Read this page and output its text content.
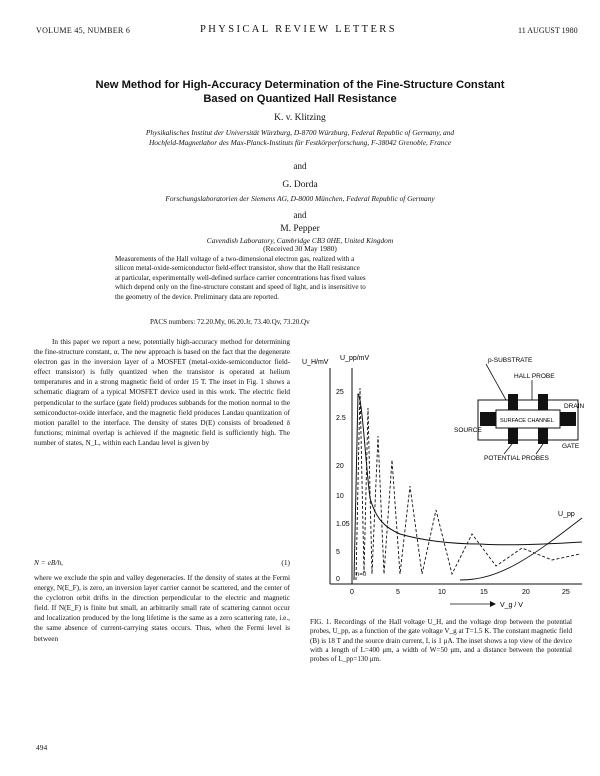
VOLUME 45, NUMBER 6	PHYSICAL REVIEW LETTERS	11 AUGUST 1980
New Method for High-Accuracy Determination of the Fine-Structure Constant
Based on Quantized Hall Resistance
K. v. Klitzing
Physikalisches Institut der Universität Würzburg, D-8700 Würzburg, Federal Republic of Germany, and
Hochfeld-Magnetlabor des Max-Planck-Instituts für Festkörperforschung, F-38042 Grenoble, France
and
G. Dorda
Forschungslaboratorien der Siemens AG, D-8000 München, Federal Republic of Germany
and
M. Pepper
Cavendish Laboratory, Cambridge CB3 0HE, United Kingdom
(Received 30 May 1980)
Measurements of the Hall voltage of a two-dimensional electron gas, realized with a
silicon metal-oxide-semiconductor field-effect transistor, show that the Hall resistance
at particular, experimentally well-defined surface carrier concentrations has fixed values
which depend only on the fine-structure constant and speed of light, and is insensitive to
the geometry of the device. Preliminary data are reported.
PACS numbers: 72.20.My, 06.20.Jr, 73.40.Qv, 73.20.Qv

In this paper we report a new, potentially high-accuracy method for determining the fine-structure constant, α. The new approach is based on the fact that the degenerate electron gas in the inversion layer of a MOSFET (metal-oxide-semiconductor field-effect transistor) is fully quantized when the transistor is operated at helium temperatures and in a strong magnetic field of order 15 T. The inset in Fig. 1 shows a schematic diagram of a typical MOSFET device used in this work. The electric field perpendicular to the surface (gate field) produces subbands for the motion normal to the semiconductor-oxide interface, and the magnetic field produces Landau quantization of motion parallel to the interface. The density of states D(E) consists of broadened δ functions; minimal overlap is achieved if the magnetic field is sufficiently high. The number of states, N_L, within each Landau level is given by

N = eB/h,	(1)

where we exclude the spin and valley degeneracies. If the density of states at the Fermi energy, N(E_F), is zero, an inversion layer carrier cannot be scattered, and the center of the cyclotron orbit drifts in the direction perpendicular to the electric and magnetic field. If N(E_F) is finite but small, an arbitrarily small rate of scattering cannot occur and localization produced by the long lifetime is the same as a zero scattering rate, i.e., the same absence of current-carrying states occurs. Thus, when the Fermi level is between

U_H/mV
U_pp/mV
25
2.5
20
10
1.05
5
0
0	5	10	15	20	25
V_g / V
U_pp
n=0
p-SUBSTRATE
HALL PROBE
SURFACE CHANNEL
DRAIN
SOURCE
GATE
POTENTIAL PROBES
FIG. 1. Recordings of the Hall voltage U_H, and the voltage drop between the potential probes, U_pp, as a function of the gate voltage V_g at T=1.5 K. The constant magnetic field (B) is 18 T and the source drain current, I, is 1 μA. The inset shows a top view of the device with a length of L=400 μm, a width of W=50 μm, and a distance between the potential probes of L_pp=130 μm.
494
